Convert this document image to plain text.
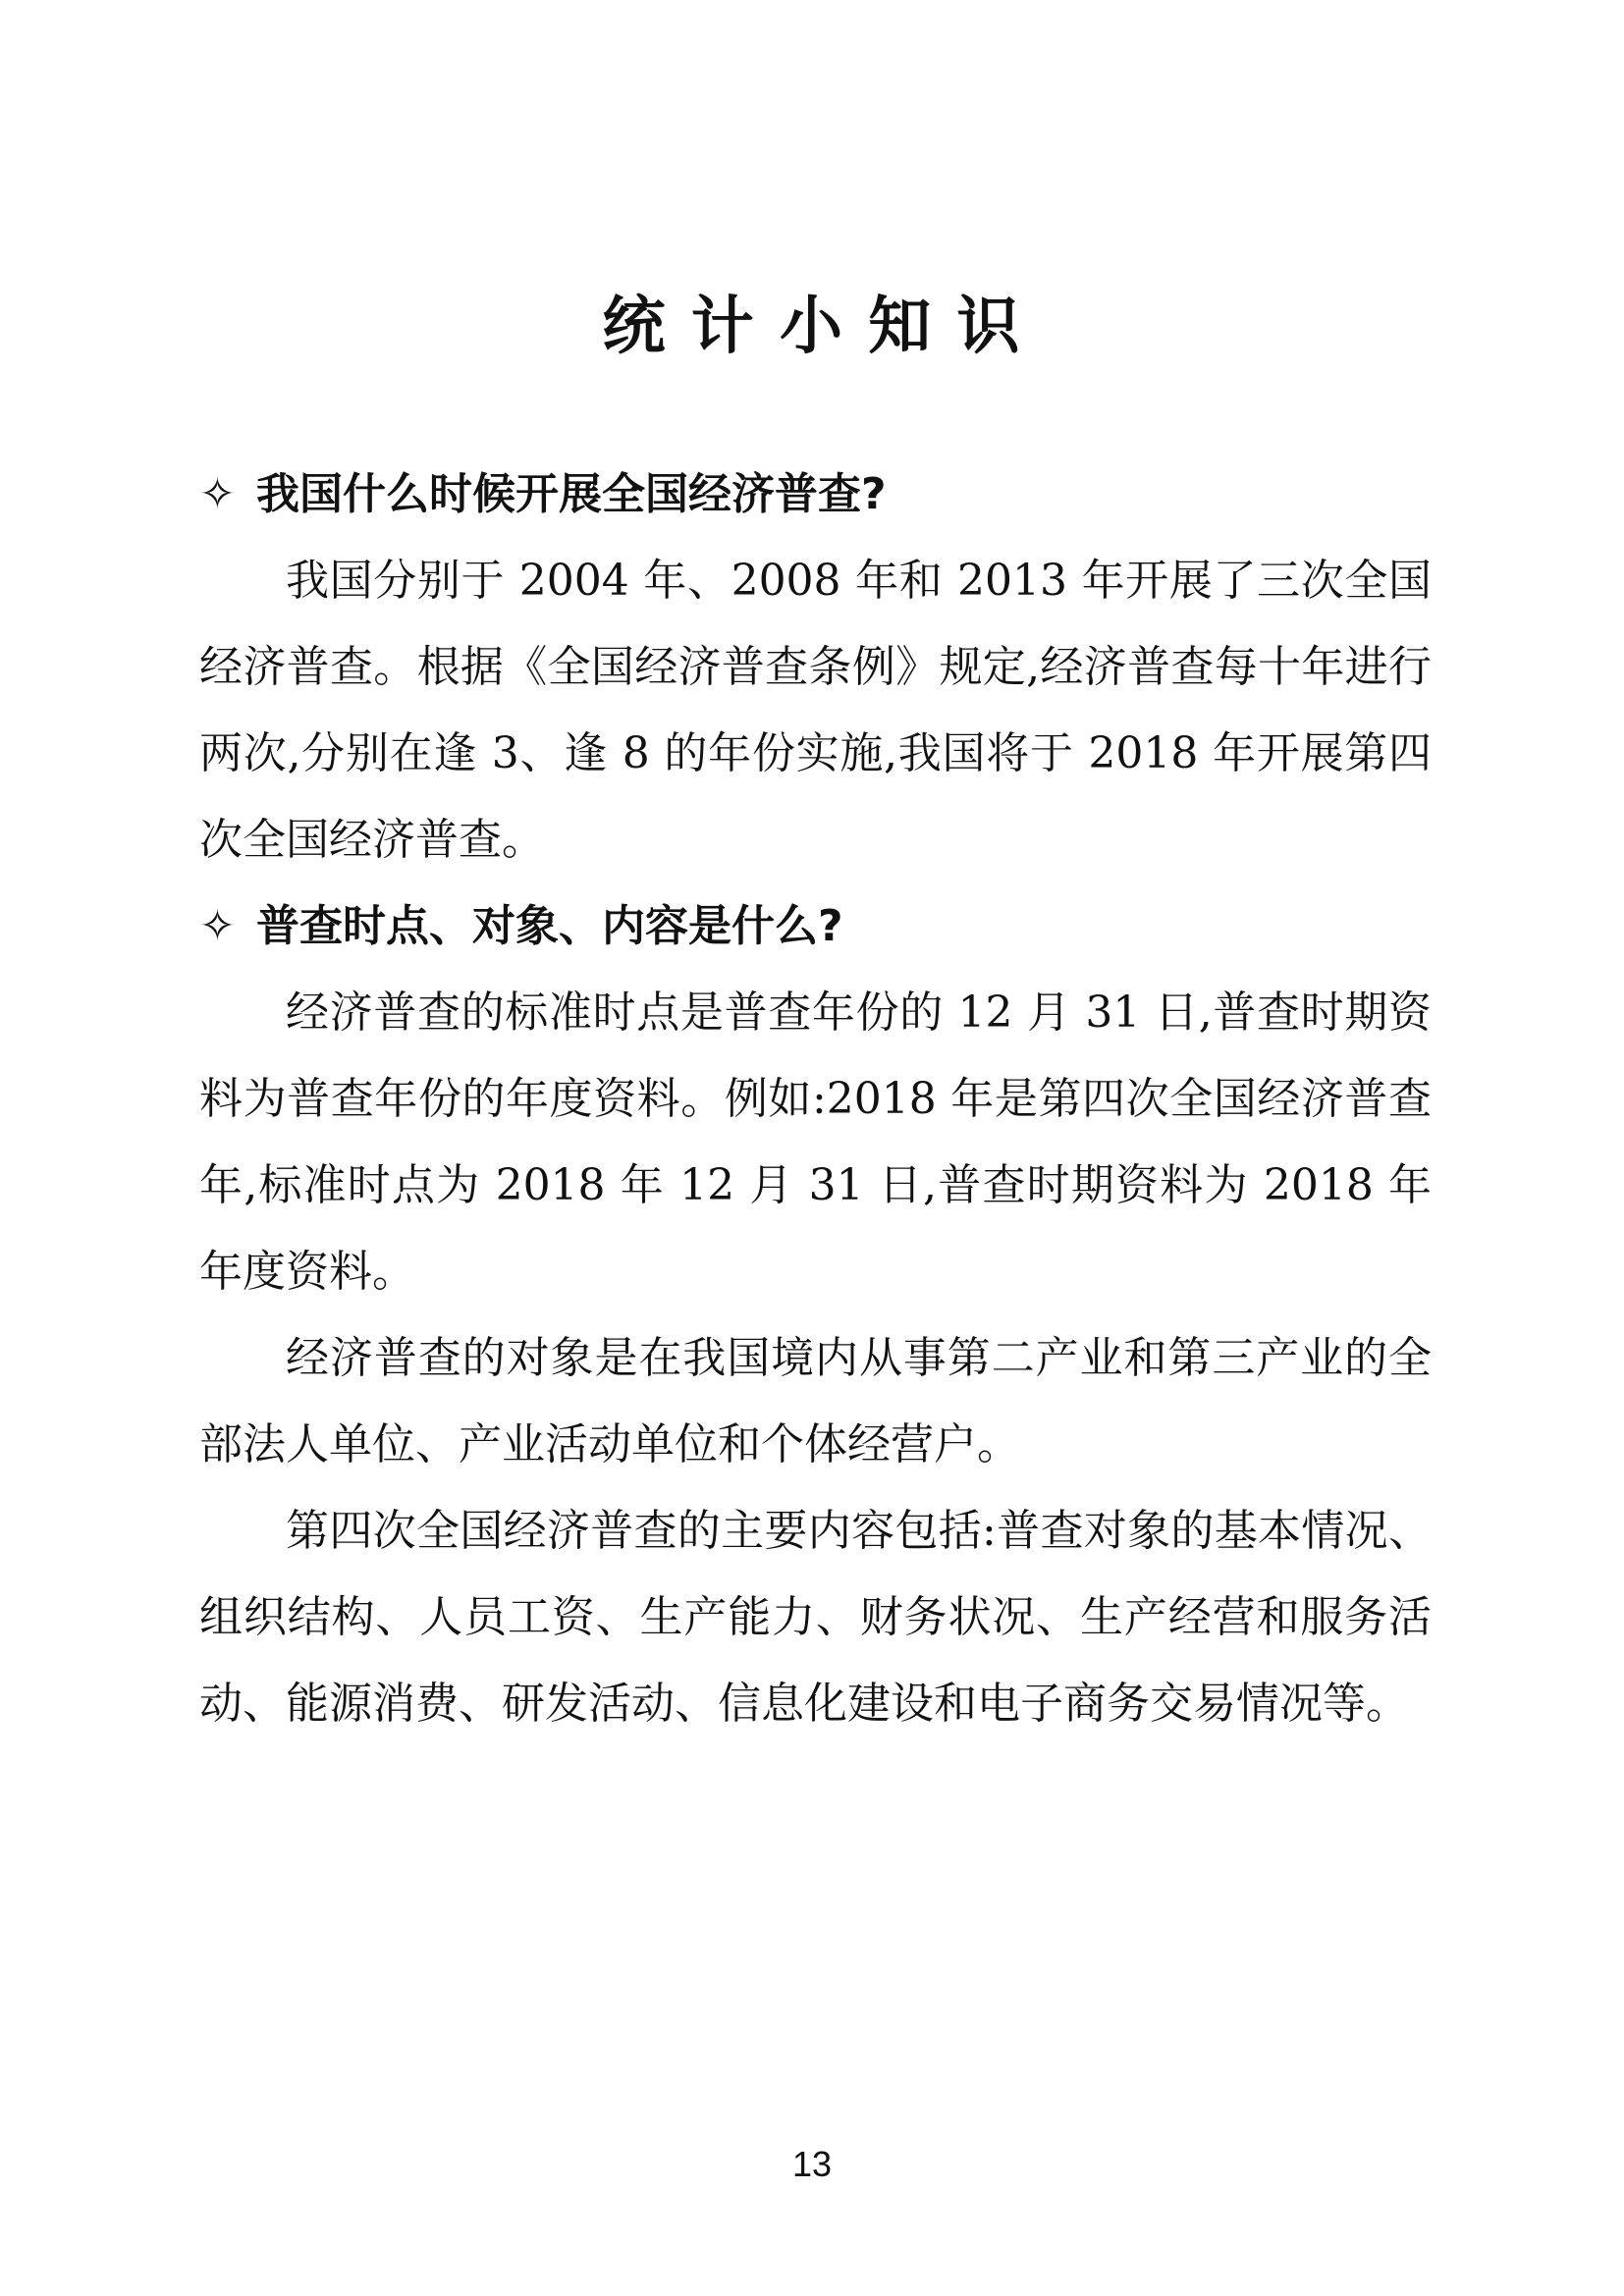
统 计 小 知 识

✧ 我国什么时候开展全国经济普查?

我国分别于 2004 年、2008 年和 2013 年开展了三次全国经济普查。根据《全国经济普查条例》规定,经济普查每十年进行两次,分别在逢 3、逢 8 的年份实施,我国将于 2018 年开展第四次全国经济普查。

✧ 普查时点、对象、内容是什么?

经济普查的标准时点是普查年份的 12 月 31 日,普查时期资料为普查年份的年度资料。例如:2018 年是第四次全国经济普查年,标准时点为 2018 年 12 月 31 日,普查时期资料为 2018 年年度资料。

经济普查的对象是在我国境内从事第二产业和第三产业的全部法人单位、产业活动单位和个体经营户。

第四次全国经济普查的主要内容包括:普查对象的基本情况、组织结构、人员工资、生产能力、财务状况、生产经营和服务活动、能源消费、研发活动、信息化建设和电子商务交易情况等。

13
